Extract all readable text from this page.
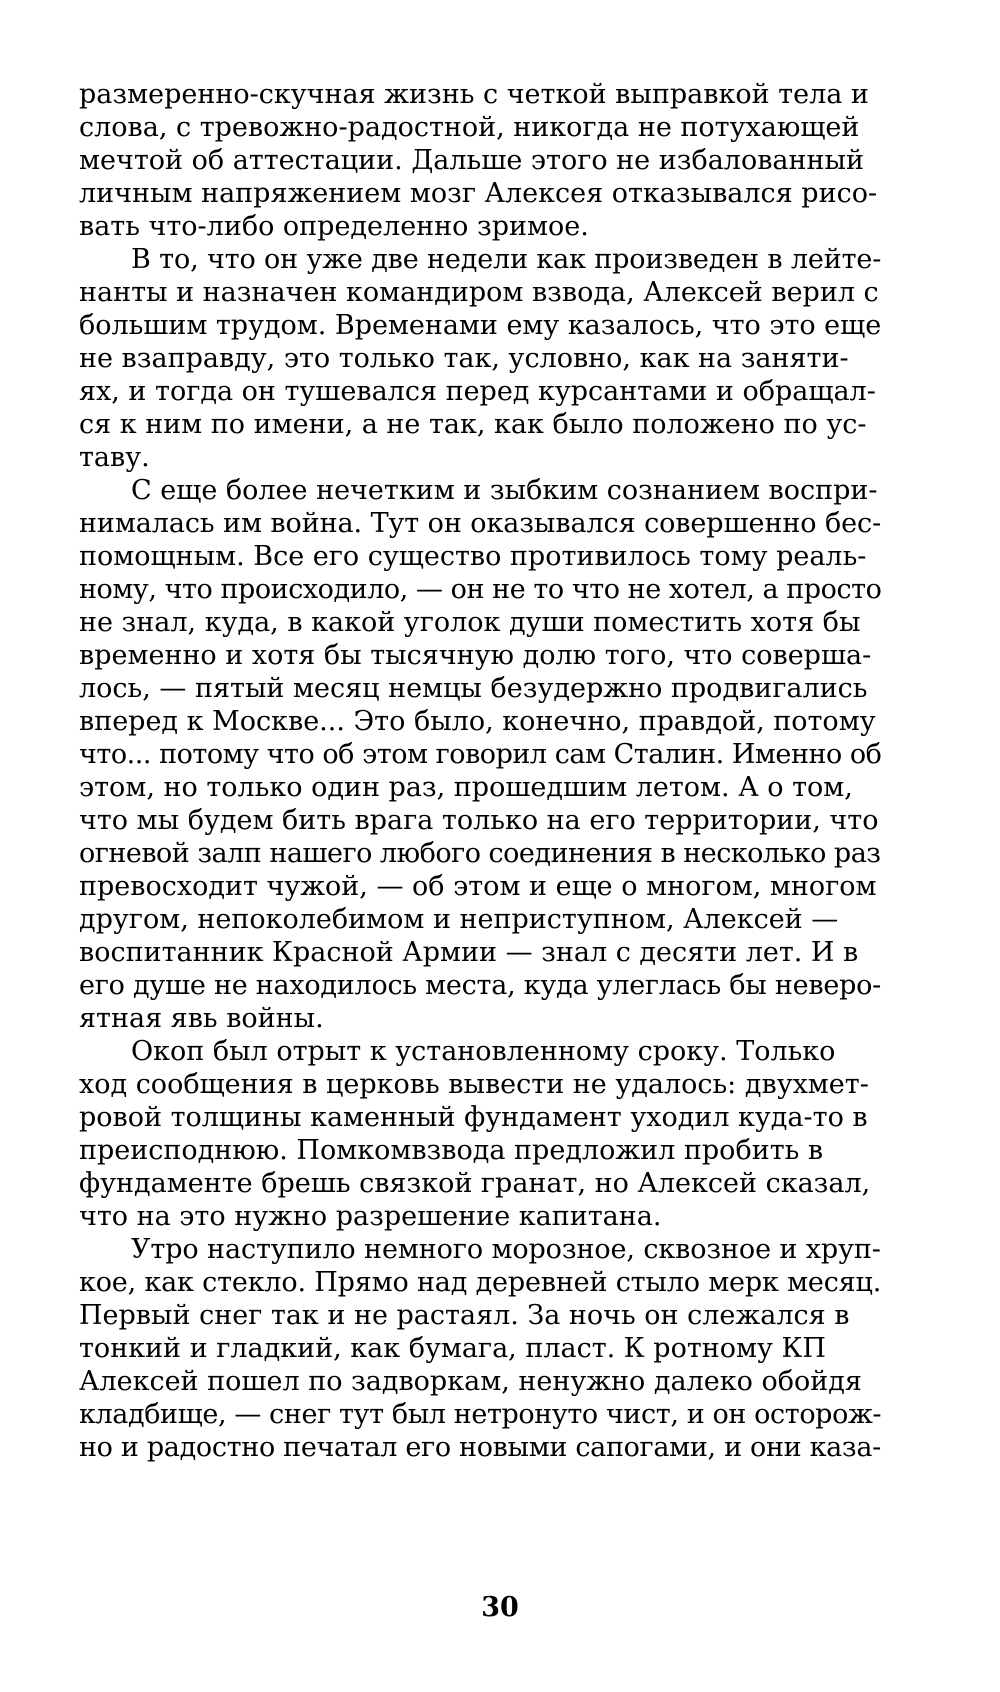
размеренно-скучная жизнь с четкой выправкой тела и
слова, с тревожно-радостной, никогда не потухающей
мечтой об аттестации. Дальше этого не избалованный
личным напряжением мозг Алексея отказывался рисо-
вать что-либо определенно зримое.
В то, что он уже две недели как произведен в лейте-
нанты и назначен командиром взвода, Алексей верил с
большим трудом. Временами ему казалось, что это еще
не взаправду, это только так, условно, как на заняти-
ях, и тогда он тушевался перед курсантами и обращал-
ся к ним по имени, а не так, как было положено по ус-
таву.
С еще более нечетким и зыбким сознанием воспри-
нималась им война. Тут он оказывался совершенно бес-
помощным. Все его существо противилось тому реаль-
ному, что происходило, — он не то что не хотел, а просто
не знал, куда, в какой уголок души поместить хотя бы
временно и хотя бы тысячную долю того, что соверша-
лось, — пятый месяц немцы безудержно продвигались
вперед к Москве... Это было, конечно, правдой, потому
что... потому что об этом говорил сам Сталин. Именно об
этом, но только один раз, прошедшим летом. А о том,
что мы будем бить врага только на его территории, что
огневой залп нашего любого соединения в несколько раз
превосходит чужой, — об этом и еще о многом, многом
другом, непоколебимом и неприступном, Алексей —
воспитанник Красной Армии — знал с десяти лет. И в
его душе не находилось места, куда улеглась бы неверо-
ятная явь войны.
Окоп был отрыт к установленному сроку. Только
ход сообщения в церковь вывести не удалось: двухмет-
ровой толщины каменный фундамент уходил куда-то в
преисподнюю. Помкомвзвода предложил пробить в
фундаменте брешь связкой гранат, но Алексей сказал,
что на это нужно разрешение капитана.
Утро наступило немного морозное, сквозное и хруп-
кое, как стекло. Прямо над деревней стыло мерк месяц.
Первый снег так и не растаял. За ночь он слежался в
тонкий и гладкий, как бумага, пласт. К ротному КП
Алексей пошел по задворкам, ненужно далеко обойдя
кладбище, — снег тут был нетронуто чист, и он осторож-
но и радостно печатал его новыми сапогами, и они каза-
30
